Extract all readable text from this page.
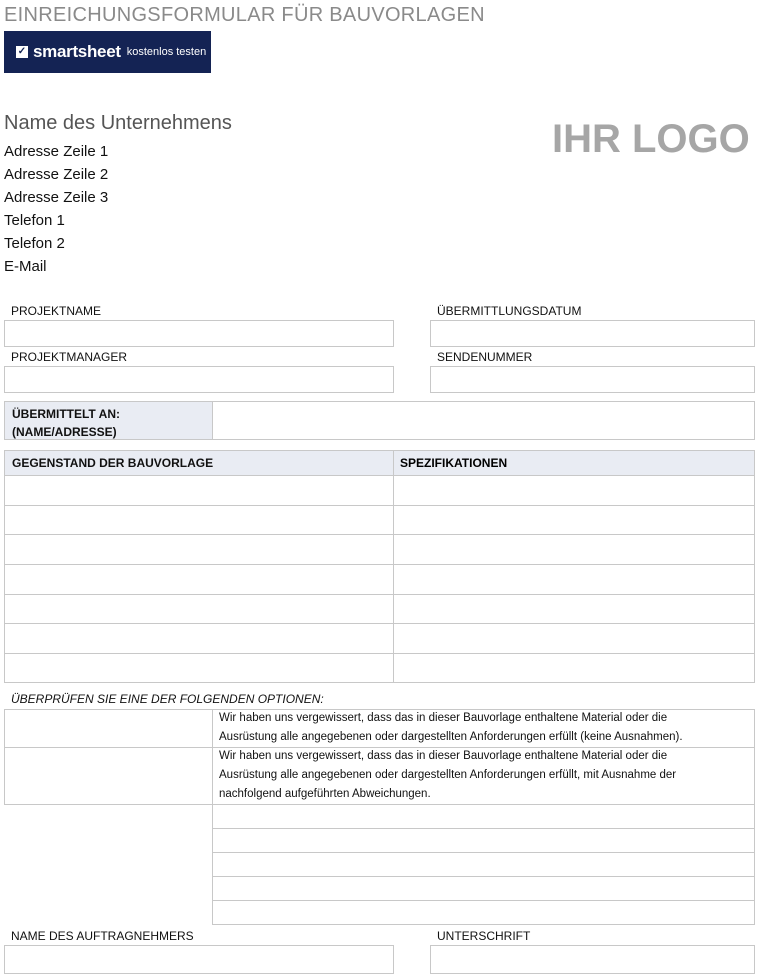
EINREICHUNGSFORMULAR FÜR BAUVORLAGEN
✓ smartsheet kostenlos testen
Name des Unternehmens
Adresse Zeile 1
Adresse Zeile 2
Adresse Zeile 3
Telefon 1
Telefon 2
E-Mail
IHR LOGO
PROJEKTNAME	ÜBERMITTLUNGSDATUM
PROJEKTMANAGER	SENDENUMMER
ÜBERMITTELT AN:
(NAME/ADRESSE)
GEGENSTAND DER BAUVORLAGE	SPEZIFIKATIONEN
ÜBERPRÜFEN SIE EINE DER FOLGENDEN OPTIONEN:
Wir haben uns vergewissert, dass das in dieser Bauvorlage enthaltene Material oder die
Ausrüstung alle angegebenen oder dargestellten Anforderungen erfüllt (keine Ausnahmen).
Wir haben uns vergewissert, dass das in dieser Bauvorlage enthaltene Material oder die
Ausrüstung alle angegebenen oder dargestellten Anforderungen erfüllt, mit Ausnahme der
nachfolgend aufgeführten Abweichungen.
NAME DES AUFTRAGNEHMERS	UNTERSCHRIFT
